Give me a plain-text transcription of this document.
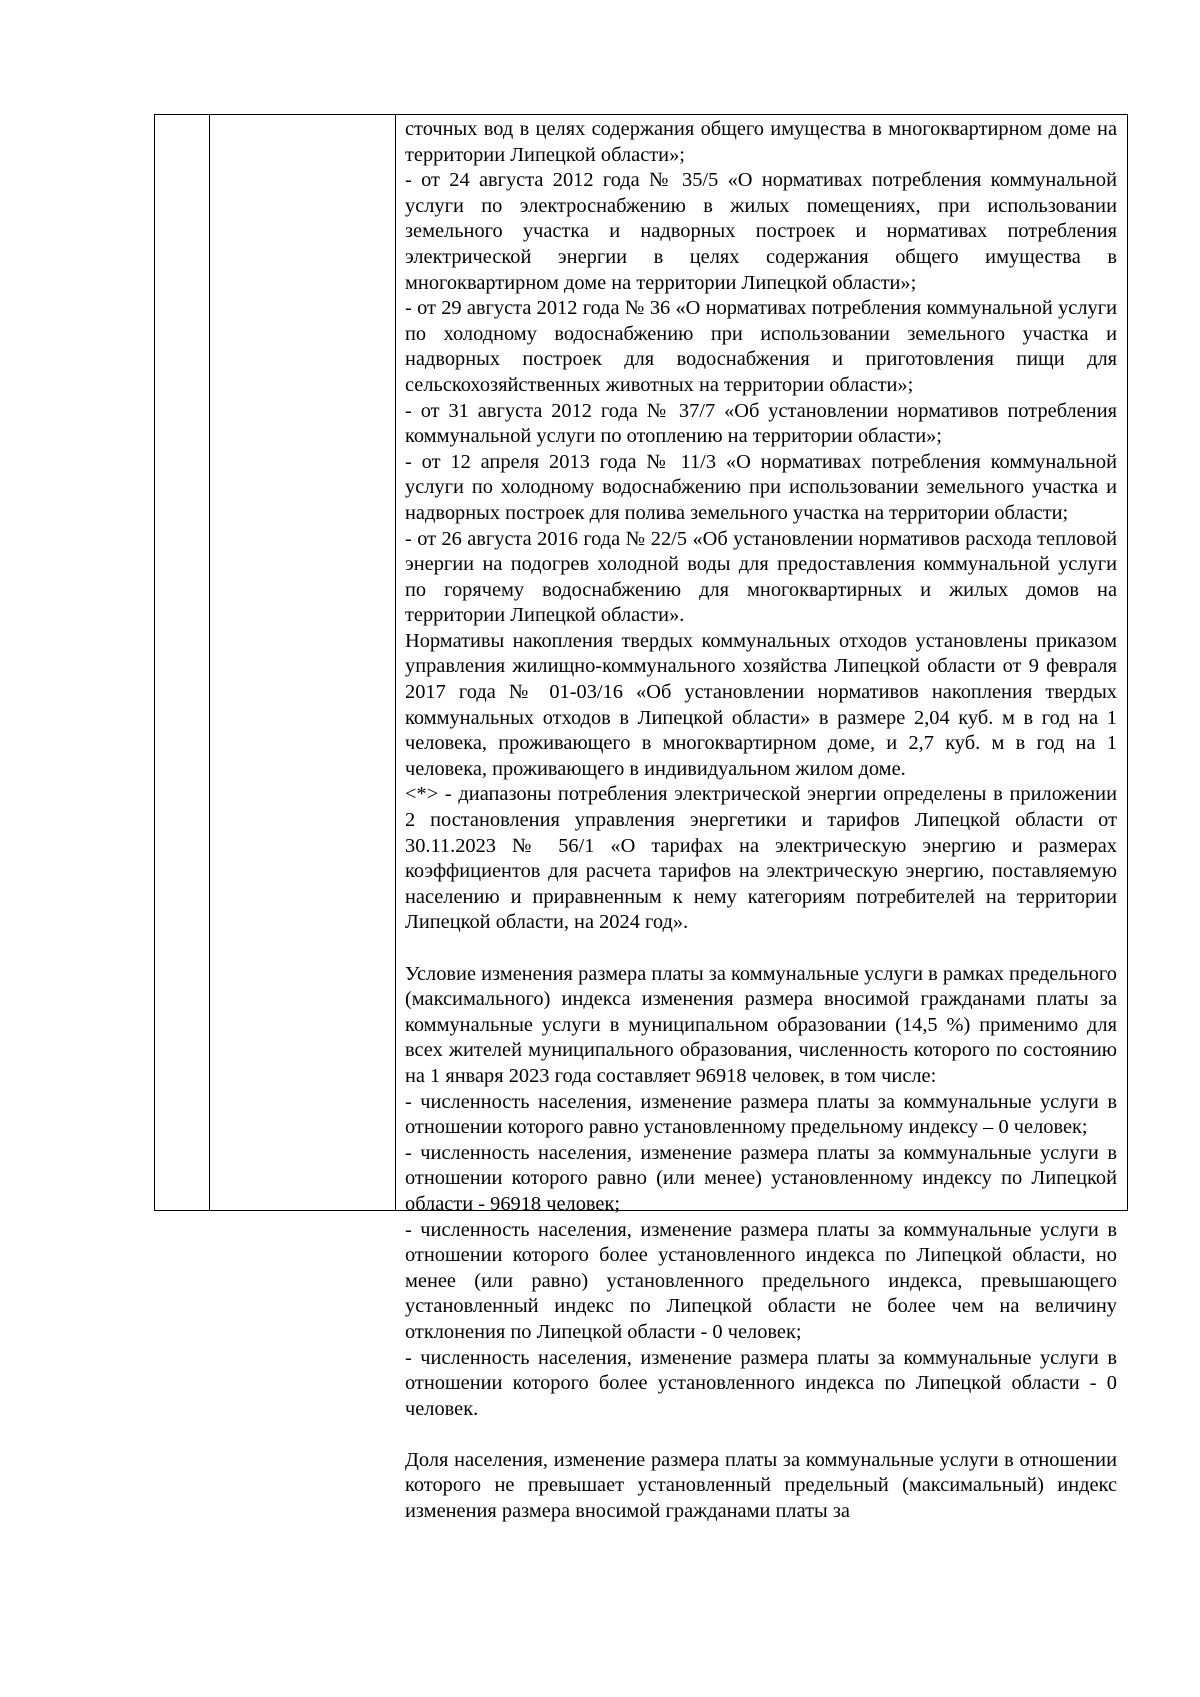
сточных вод в целях содержания общего имущества в многоквартирном доме на территории Липецкой области»;

- от 24 августа 2012 года № 35/5 «О нормативах потребления коммунальной услуги по электроснабжению в жилых помещениях, при использовании земельного участка и надворных построек и нормативах потребления электрической энергии в целях содержания общего имущества в многоквартирном доме на территории Липецкой области»;

- от 29 августа 2012 года № 36 «О нормативах потребления коммунальной услуги по холодному водоснабжению при использовании земельного участка и надворных построек для водоснабжения и приготовления пищи для сельскохозяйственных животных на территории области»;

- от 31 августа 2012 года № 37/7 «Об установлении нормативов потребления коммунальной услуги по отоплению на территории области»;

- от 12 апреля 2013 года № 11/3 «О нормативах потребления коммунальной услуги по холодному водоснабжению при использовании земельного участка и надворных построек для полива земельного участка на территории области;

- от 26 августа 2016 года № 22/5 «Об установлении нормативов расхода тепловой энергии на подогрев холодной воды для предоставления коммунальной услуги по горячему водоснабжению для многоквартирных и жилых домов на территории Липецкой области».

Нормативы накопления твердых коммунальных отходов установлены приказом управления жилищно-коммунального хозяйства Липецкой области от 9 февраля 2017 года № 01-03/16 «Об установлении нормативов накопления твердых коммунальных отходов в Липецкой области» в размере 2,04 куб. м в год на 1 человека, проживающего в многоквартирном доме, и 2,7 куб. м в год на 1 человека, проживающего в индивидуальном жилом доме.

<*> - диапазоны потребления электрической энергии определены в приложении 2 постановления управления энергетики и тарифов Липецкой области от 30.11.2023 № 56/1 «О тарифах на электрическую энергию и размерах коэффициентов для расчета тарифов на электрическую энергию, поставляемую населению и приравненным к нему категориям потребителей на территории Липецкой области, на 2024 год».

Условие изменения размера платы за коммунальные услуги в рамках предельного (максимального) индекса изменения размера вносимой гражданами платы за коммунальные услуги в муниципальном образовании (14,5 %) применимо для всех жителей муниципального образования, численность которого по состоянию на 1 января 2023 года составляет 96918 человек, в том числе:

- численность населения, изменение размера платы за коммунальные услуги в отношении которого равно установленному предельному индексу – 0 человек;

- численность населения, изменение размера платы за коммунальные услуги в отношении которого равно (или менее) установленному индексу по Липецкой области - 96918 человек;

- численность населения, изменение размера платы за коммунальные услуги в отношении которого более установленного индекса по Липецкой области, но менее (или равно) установленного предельного индекса, превышающего установленный индекс по Липецкой области не более чем на величину отклонения по Липецкой области - 0 человек;

- численность населения, изменение размера платы за коммунальные услуги в отношении которого более установленного индекса по Липецкой области - 0 человек.

Доля населения, изменение размера платы за коммунальные услуги в отношении которого не превышает установленный предельный (максимальный) индекс изменения размера вносимой гражданами платы за
